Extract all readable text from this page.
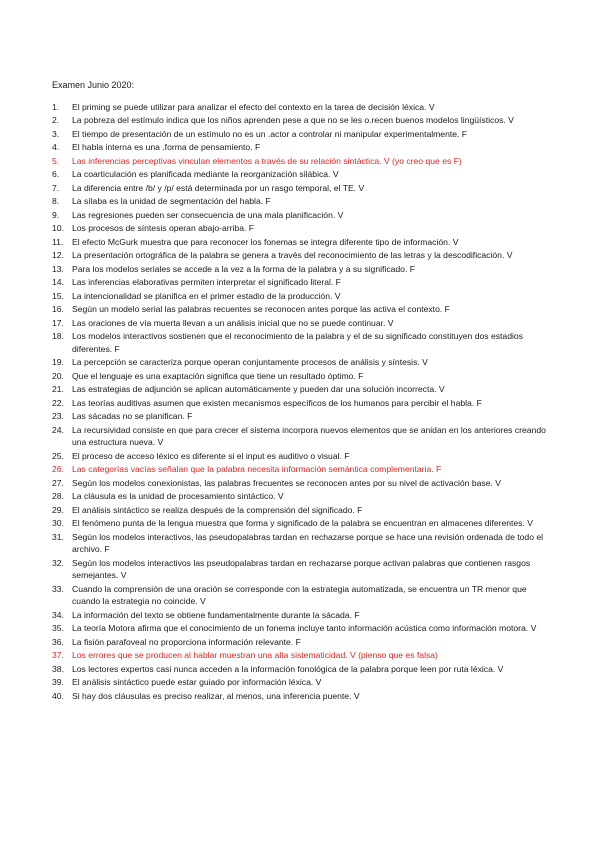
Examen Junio 2020:
1.	El priming se puede utilizar para analizar el efecto del contexto en la tarea de decisión léxica. V
2.	La pobreza del estímulo indica que los niños aprenden pese a que no se les o.recen buenos modelos lingüísticos. V
3.	El tiempo de presentación de un estímulo no es un .actor a controlar ni manipular experimentalmente. F
4.	El habla interna es una .forma de pensamiento. F
5.	Las inferencias perceptivas vinculan elementos a través de su relación sintáctica. V (yo creo que es F)
6.	La coarticulación es planificada mediante la reorganización silábica. V
7.	La diferencia entre /b/ y /p/ está determinada por un rasgo temporal, el TE. V
8.	La sílaba es la unidad de segmentación del habla. F
9.	Las regresiones pueden ser consecuencia de una mala planificación. V
10. Los procesos de síntesis operan abajo-arriba. F
11.	El efecto McGurk muestra que para reconocer los fonemas se integra diferente tipo de información. V
12. La presentación ortográfica de la palabra se genera a través del reconocimiento de las letras y la descodificación. V
13. Para los modelos seriales se accede a la vez a la forma de la palabra y a su significado. F
14. Las inferencias elaborativas permiten interpretar el significado literal. F
15. La intencionalidad se planifica en el primer estadio de la producción. V
16. Según un modelo serial las palabras recuentes se reconocen antes porque las activa el contexto. F
17. Las oraciones de vía muerta llevan a un análisis inicial que no se puede continuar. V
18. Los modelos interactivos sostienen que el reconocimiento de la palabra y el de su significado constituyen dos estadios diferentes. F
19. La percepción se caracteriza porque operan conjuntamente procesos de análisis y síntesis. V
20. Que el lenguaje es una exaptación significa que tiene un resultado óptimo. F
21. Las estrategias de adjunción se aplican automáticamente y pueden dar una solución incorrecta. V
22. Las teorías auditivas asumen que existen mecanismos específicos de los humanos para percibir el habla. F
23. Las sácadas no se planifican. F
24. La recursividad consiste en que para crecer el sistema incorpora nuevos elementos que se anidan en los anteriores creando una estructura nueva. V
25. El proceso de acceso léxico es diferente si el input es auditivo o visual. F
26. Las categorías vacías señalan que la palabra necesita información semántica complementaria. F
27. Según los modelos conexionistas, las palabras frecuentes se reconocen antes por su nivel de activación base. V
28. La cláusula es la unidad de procesamiento sintáctico. V
29. El análisis sintáctico se realiza después de la comprensión del significado. F
30. El fenómeno punta de la lengua muestra que forma y significado de la palabra se encuentran en almacenes diferentes. V
31. Según los modelos interactivos, las pseudopalabras tardan en rechazarse porque se hace una revisión ordenada de todo el archivo. F
32. Según los modelos interactivos las pseudopalabras tardan en rechazarse porque activan palabras que contienen rasgos semejantes. V
33. Cuando la comprensión de una oración se corresponde con la estrategia automatizada, se encuentra un TR menor que cuando la estrategia no coincide. V
34. La información del texto se obtiene fundamentalmente durante la sácada. F
35. La teoría Motora afirma que el conocimiento de un fonema incluye tanto información acústica como información motora. V
36. La fisión parafoveal no proporciona información relevante. F
37. Los errores que se producen al hablar muestran una alta sistematicidad. V (pienso que es falsa)
38. Los lectores expertos casi nunca acceden a la información fonológica de la palabra porque leen por ruta léxica. V
39. El análisis sintáctico puede estar guiado por información léxica. V
40. Si hay dos cláusulas es preciso realizar, al menos, una inferencia puente. V
